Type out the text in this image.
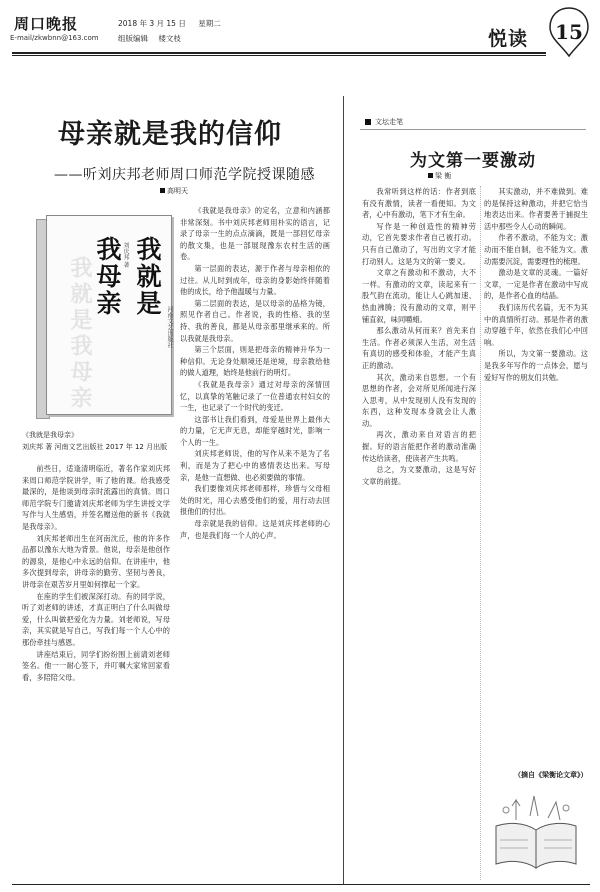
周口晚报
E-mail/zkwbnn@163.com
2018 年 3 月 15 日 星期二
组版编辑 楼文枝	悦读	15
母亲就是我的信仰
——听刘庆邦老师周口师范学院授课随感
高明天
我就是我母亲 我就是
我母亲 刘庆邦 著
河南文艺出版社
《我就是我母亲》
刘庆邦 著 河南文艺出版社 2017 年 12 月出版

前些日，适逢清明临近，著名作家刘庆邦来周口师范学院讲学，听了他的课。给我感受最深的，是他谈到母亲时流露出的真情。周口师范学院专门邀请刘庆邦老师为学生讲授文学写作与人生感悟，并签名赠送他的新书《我就是我母亲》。

刘庆邦老师出生在河南沈丘，他的许多作品都以豫东大地为背景。他说，母亲是他创作的源泉，是他心中永远的信仰。在讲座中，他多次提到母亲，讲母亲的勤劳、坚韧与善良，讲母亲在艰苦岁月里如何撑起一个家。

在座的学生们被深深打动。有的同学说，听了刘老师的讲述，才真正明白了什么叫做母爱，什么叫做把爱化为力量。刘老师说，写母亲，其实就是写自己，写我们每一个人心中的那份牵挂与感恩。

讲座结束后，同学们纷纷围上前请刘老师签名。他一一耐心签下，并叮嘱大家常回家看看，多陪陪父母。

《我就是我母亲》的定名，立意和内涵都非常深刻。书中刘庆邦老师用朴实的语言，记录了母亲一生的点点滴滴，既是一部回忆母亲的散文集，也是一部展现豫东农村生活的画卷。

第一层面的表达，源于作者与母亲相依的过往。从儿时到成年，母亲的身影始终伴随着他的成长，给予他温暖与力量。

第二层面的表达，是以母亲的品格为镜，照见作者自己。作者说，我的性格、我的坚持、我的善良，都是从母亲那里继承来的。所以我就是我母亲。

第三个层面，则是把母亲的精神升华为一种信仰。无论身处顺境还是逆境，母亲教给他的做人道理，始终是他前行的明灯。

《我就是我母亲》通过对母亲的深情回忆，以真挚的笔触记录了一位普通农村妇女的一生，也记录了一个时代的变迁。

这部书让我们看到，母爱是世界上最伟大的力量，它无声无息，却能穿越时光，影响一个人的一生。

刘庆邦老师说，他的写作从来不是为了名利，而是为了把心中的感情表达出来。写母亲，是他一直想做、也必须要做的事情。

我们要像刘庆邦老师那样，珍惜与父母相处的时光，用心去感受他们的爱，用行动去回报他们的付出。

母亲就是我的信仰。这是刘庆邦老师的心声，也是我们每一个人的心声。

文坛走笔
为文第一要激动
梁 衡

我常听到这样的话：作者到底有没有激情，读者一看便知。为文者，心中有激动，笔下才有生命。

写作是一种创造性的精神劳动，它首先要求作者自己被打动。只有自己激动了，写出的文字才能打动别人。这是为文的第一要义。

文章之有激动和不激动，大不一样。有激动的文章，读起来有一股气韵在流动，能让人心跳加速、热血沸腾；没有激动的文章，则平铺直叙，味同嚼蜡。

那么激动从何而来？首先来自生活。作者必须深入生活，对生活有真切的感受和体验，才能产生真正的激动。

其次，激动来自思想。一个有思想的作者，会对所见所闻进行深入思考，从中发现别人没有发现的东西，这种发现本身就会让人激动。

再次，激动来自对语言的把握。好的语言能把作者的激动准确传达给读者，使读者产生共鸣。

总之，为文要激动，这是写好文章的前提。

其实激动，并不难做到。难的是保持这种激动，并把它恰当地表达出来。作者要善于捕捉生活中那些令人心动的瞬间。

作者不激动，不能为文；激动而不能自制，也不能为文。激动需要沉淀，需要理性的梳理。

激动是文章的灵魂。一篇好文章，一定是作者在激动中写成的，是作者心血的结晶。

我们读历代名篇，无不为其中的真情所打动。那是作者的激动穿越千年，依然在我们心中回响。

所以，为文第一要激动。这是我多年写作的一点体会，愿与爱好写作的朋友们共勉。

（摘自《梁衡论文章》）
